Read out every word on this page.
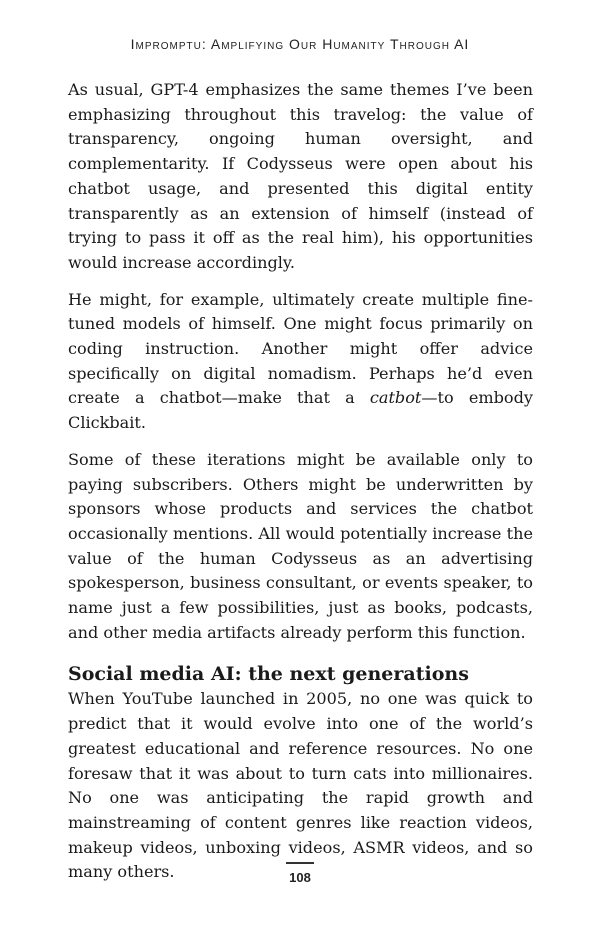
Impromptu: Amplifying Our Humanity Through AI

As usual, GPT-4 emphasizes the same themes I’ve been emphasizing throughout this travelog: the value of transparency, ongoing human oversight, and complementarity. If Codysseus were open about his chatbot usage, and presented this digital entity transparently as an extension of himself (instead of trying to pass it off as the real him), his opportunities would increase accordingly.

He might, for example, ultimately create multiple fine-tuned models of himself. One might focus primarily on coding instruction. Another might offer advice specifically on digital nomadism. Perhaps he’d even create a chatbot—make that a catbot—to embody Clickbait.

Some of these iterations might be available only to paying subscribers. Others might be underwritten by sponsors whose products and services the chatbot occasionally mentions. All would potentially increase the value of the human Codysseus as an advertising spokesperson, business consultant, or events speaker, to name just a few possibilities, just as books, podcasts, and other media artifacts already perform this function.

Social media AI: the next generations

When YouTube launched in 2005, no one was quick to predict that it would evolve into one of the world’s greatest educational and reference resources. No one foresaw that it was about to turn cats into millionaires. No one was anticipating the rapid growth and mainstreaming of content genres like reaction videos, makeup videos, unboxing videos, ASMR videos, and so many others.	108
